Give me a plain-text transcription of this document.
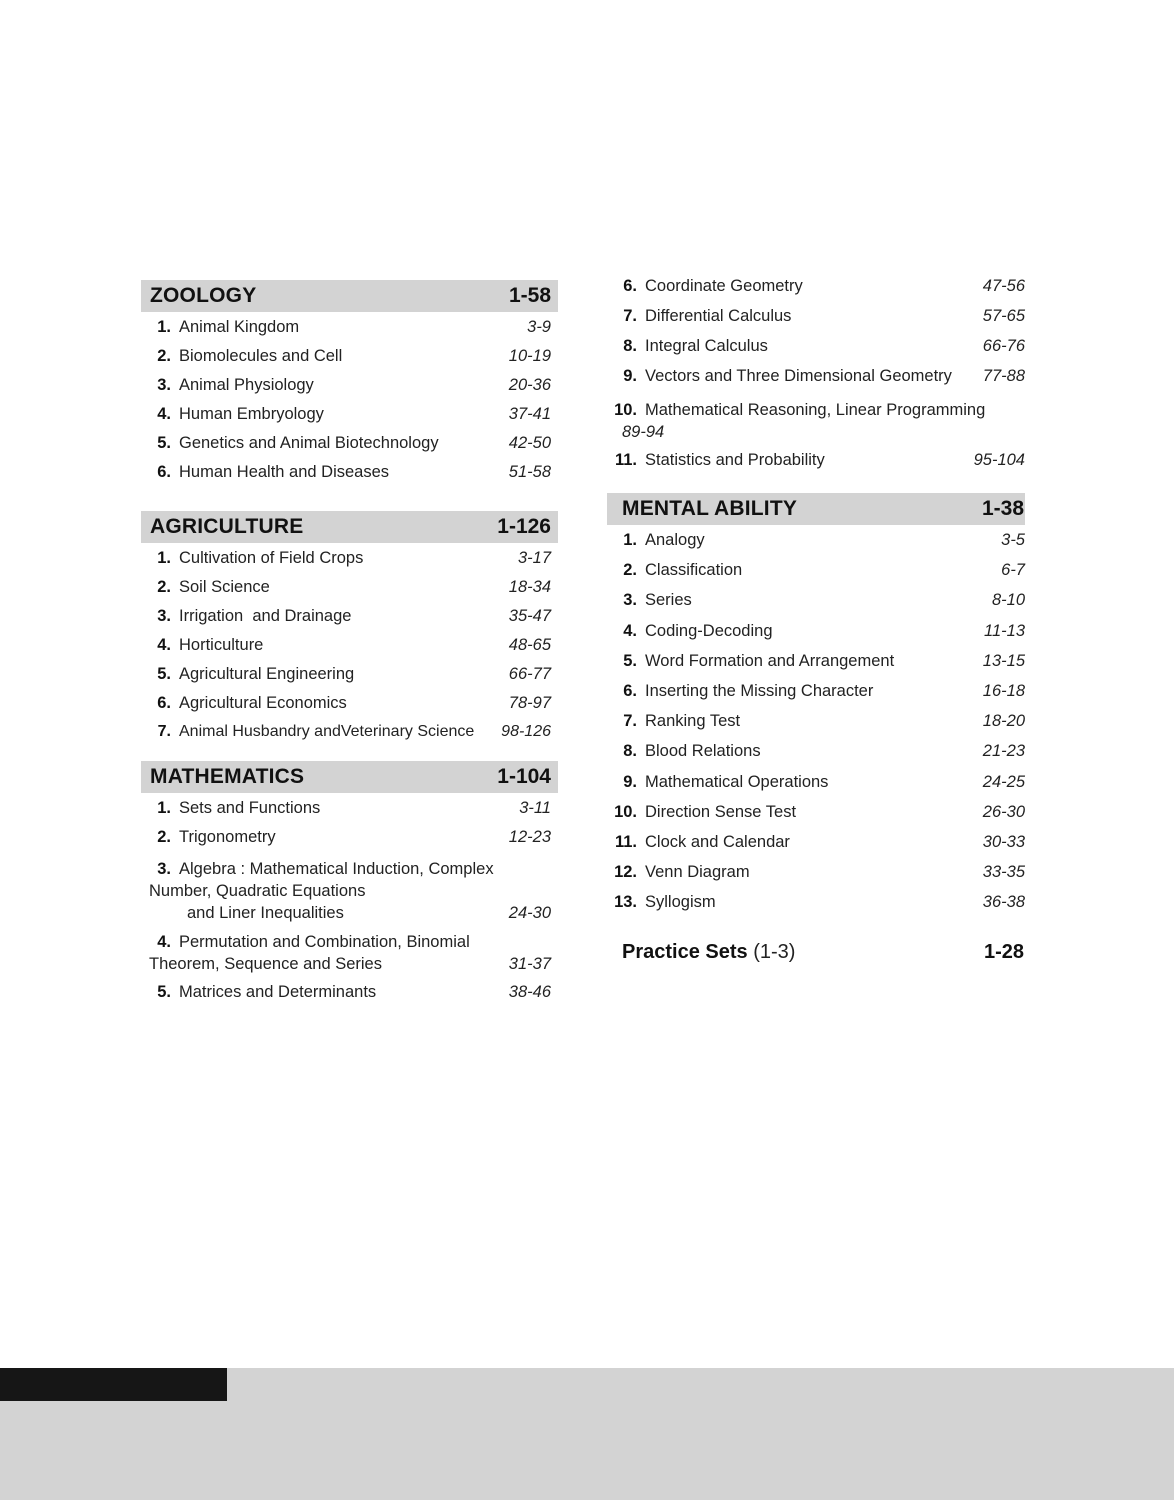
ZOOLOGY	1-58
1. Animal Kingdom	3-9
2. Biomolecules and Cell	10-19
3. Animal Physiology	20-36
4. Human Embryology	37-41
5. Genetics and Animal Biotechnology	42-50
6. Human Health and Diseases	51-58
AGRICULTURE	1-126
1. Cultivation of Field Crops	3-17
2. Soil Science	18-34
3. Irrigation  and Drainage	35-47
4. Horticulture	48-65
5. Agricultural Engineering	66-77
6. Agricultural Economics	78-97
7. Animal Husbandry andVeterinary Science	98-126
MATHEMATICS	1-104
1. Sets and Functions	3-11
2. Trigonometry	12-23
3. Algebra : Mathematical Induction, Complex
Number, Quadratic Equations
and Liner Inequalities	24-30
4. Permutation and Combination, Binomial
Theorem, Sequence and Series	31-37
5. Matrices and Determinants	38-46
6. Coordinate Geometry	47-56
7. Differential Calculus	57-65
8. Integral Calculus	66-76
9. Vectors and Three Dimensional Geometry	77-88
10. Mathematical Reasoning, Linear Programming
89-94
11. Statistics and Probability	95-104
MENTAL ABILITY	1-38
1. Analogy	3-5
2. Classification	6-7
3. Series	8-10
4. Coding-Decoding	11-13
5. Word Formation and Arrangement	13-15
6. Inserting the Missing Character	16-18
7. Ranking Test	18-20
8. Blood Relations	21-23
9. Mathematical Operations	24-25
10. Direction Sense Test	26-30
11. Clock and Calendar	30-33
12. Venn Diagram	33-35
13. Syllogism	36-38
Practice Sets (1-3)	1-28
